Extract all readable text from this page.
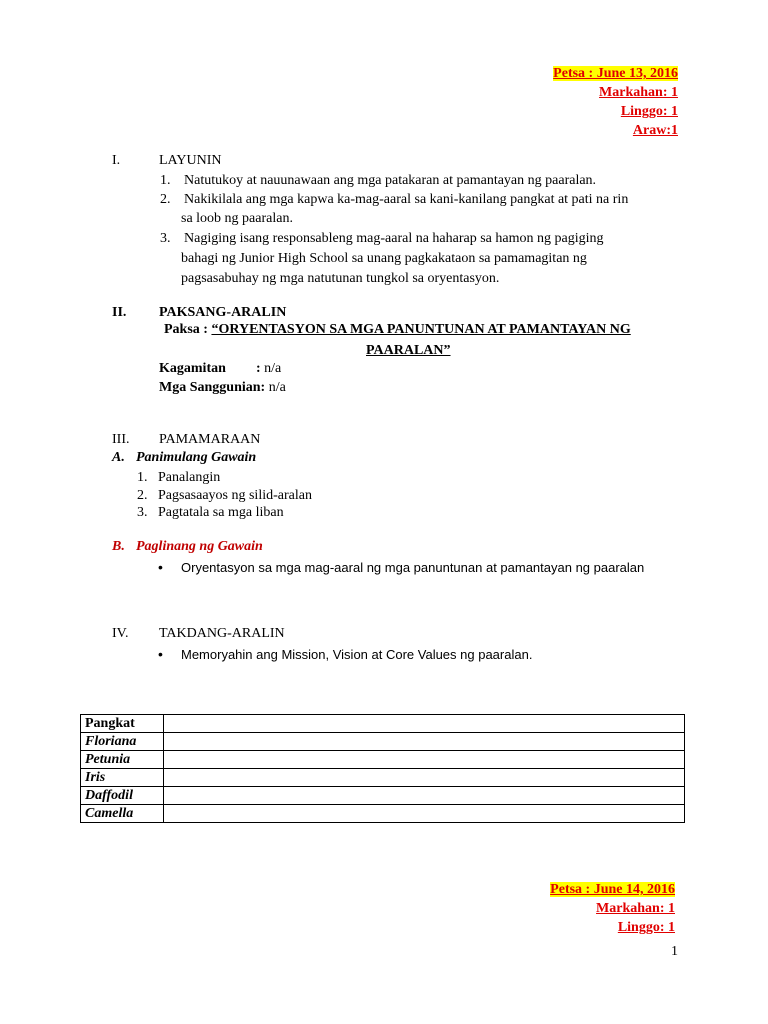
Petsa : June 13, 2016
Markahan: 1
Linggo: 1
Araw:1
I.	LAYUNIN
1. Natutukoy at nauunawaan ang mga patakaran at pamantayan ng paaralan.
2. Nakikilala ang mga kapwa ka-mag-aaral sa kani-kanilang pangkat at pati na rin
sa loob ng paaralan.
3. Nagiging isang responsableng mag-aaral na haharap sa hamon ng pagiging
bahagi ng Junior High School sa unang pagkakataon sa pamamagitan ng
pagsasabuhay ng mga natutunan tungkol sa oryentasyon.
II. PAKSANG-ARALIN
Paksa : “ORYENTASYON SA MGA PANUNTUNAN AT PAMANTAYAN NG
PAARALAN”
Kagamitan : n/a
Mga Sanggunian: n/a
III. PAMAMARAAN
A. Panimulang Gawain
1. Panalangin
2. Pagsasaayos ng silid-aralan
3. Pagtatala sa mga liban
B. Paglinang ng Gawain
• Oryentasyon sa mga mag-aaral ng mga panuntunan at pamantayan ng paaralan
IV. TAKDANG-ARALIN
• Memoryahin ang Mission, Vision at Core Values ng paaralan.
Pangkat	
Floriana	
Petunia	
Iris	
Daffodil	
Camella	
Petsa : June 14, 2016
Markahan: 1
Linggo: 1
1
